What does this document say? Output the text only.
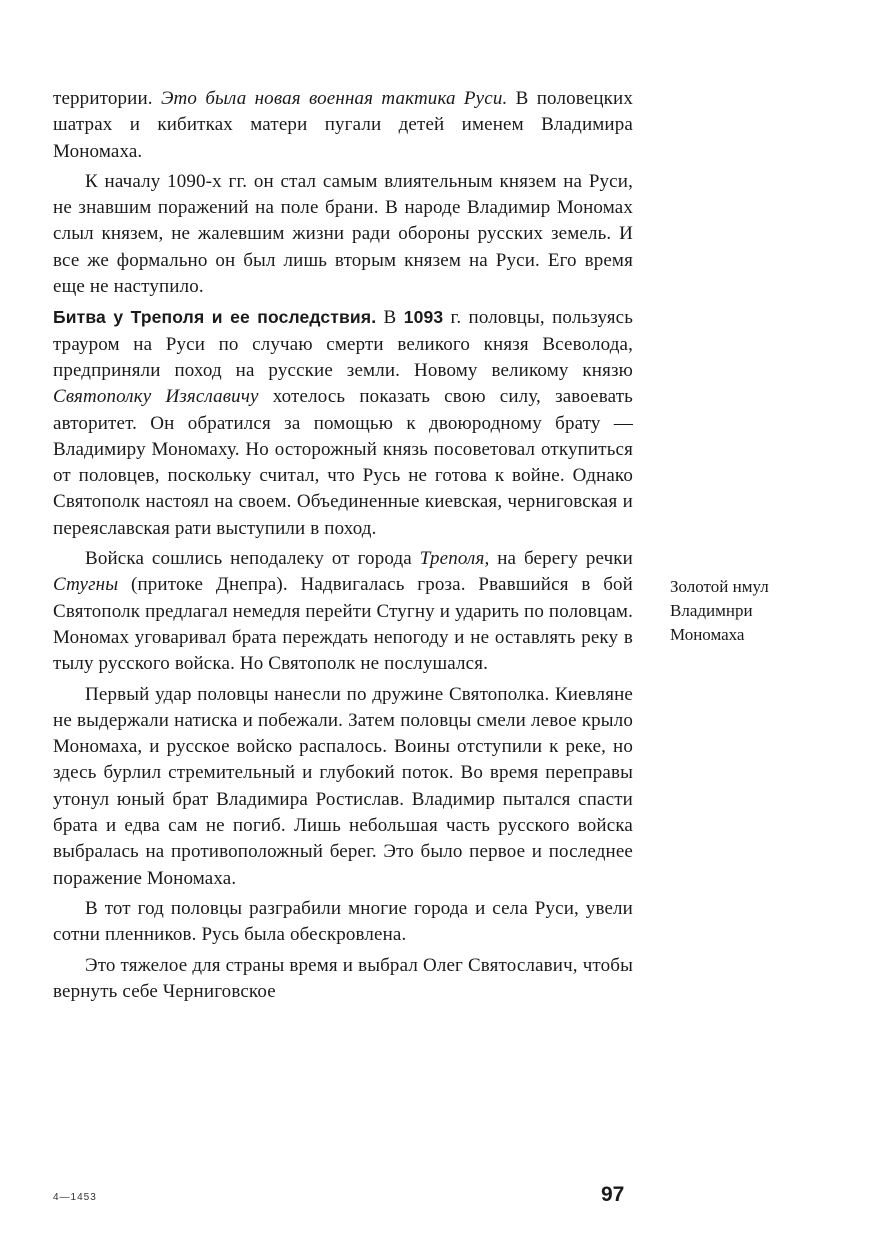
территории. Это была новая военная тактика Руси. В половецких шатрах и кибитках матери пугали детей именем Владимира Мономаха.

К началу 1090-х гг. он стал самым влиятельным князем на Руси, не знавшим поражений на поле брани. В народе Владимир Мономах слыл князем, не жалевшим жизни ради обороны русских земель. И все же формально он был лишь вторым князем на Руси. Его время еще не наступило.

Битва у Треполя и ее последствия. В 1093 г. половцы, пользуясь трауром на Руси по случаю смерти великого князя Всеволода, предприняли поход на русские земли. Новому великому князю Святополку Изяславичу хотелось показать свою силу, завоевать авторитет. Он обратился за помощью к двоюродному брату — Владимиру Мономаху. Но осторожный князь посоветовал откупиться от половцев, поскольку считал, что Русь не готова к войне. Однако Святополк настоял на своем. Объединенные киевская, черниговская и переяславская рати выступили в поход.

Войска сошлись неподалеку от города Треполя, на берегу речки Стугны (притоке Днепра). Надвигалась гроза. Рвавшийся в бой Святополк предлагал немедля перейти Стугну и ударить по половцам. Мономах уговаривал брата переждать непогоду и не оставлять реку в тылу русского войска. Но Святополк не послушался.

Первый удар половцы нанесли по дружине Святополка. Киевляне не выдержали натиска и побежали. Затем половцы смели левое крыло Мономаха, и русское войско распалось. Воины отступили к реке, но здесь бурлил стремительный и глубокий поток. Во время переправы утонул юный брат Владимира Ростислав. Владимир пытался спасти брата и едва сам не погиб. Лишь небольшая часть русского войска выбралась на противоположный берег. Это было первое и последнее поражение Мономаха.

В тот год половцы разграбили многие города и села Руси, увели сотни пленников. Русь была обескровлена.

Это тяжелое для страны время и выбрал Олег Святославич, чтобы вернуть себе Черниговское

Золотой нмул
Владимнри
Мономаха
4—1453	97
